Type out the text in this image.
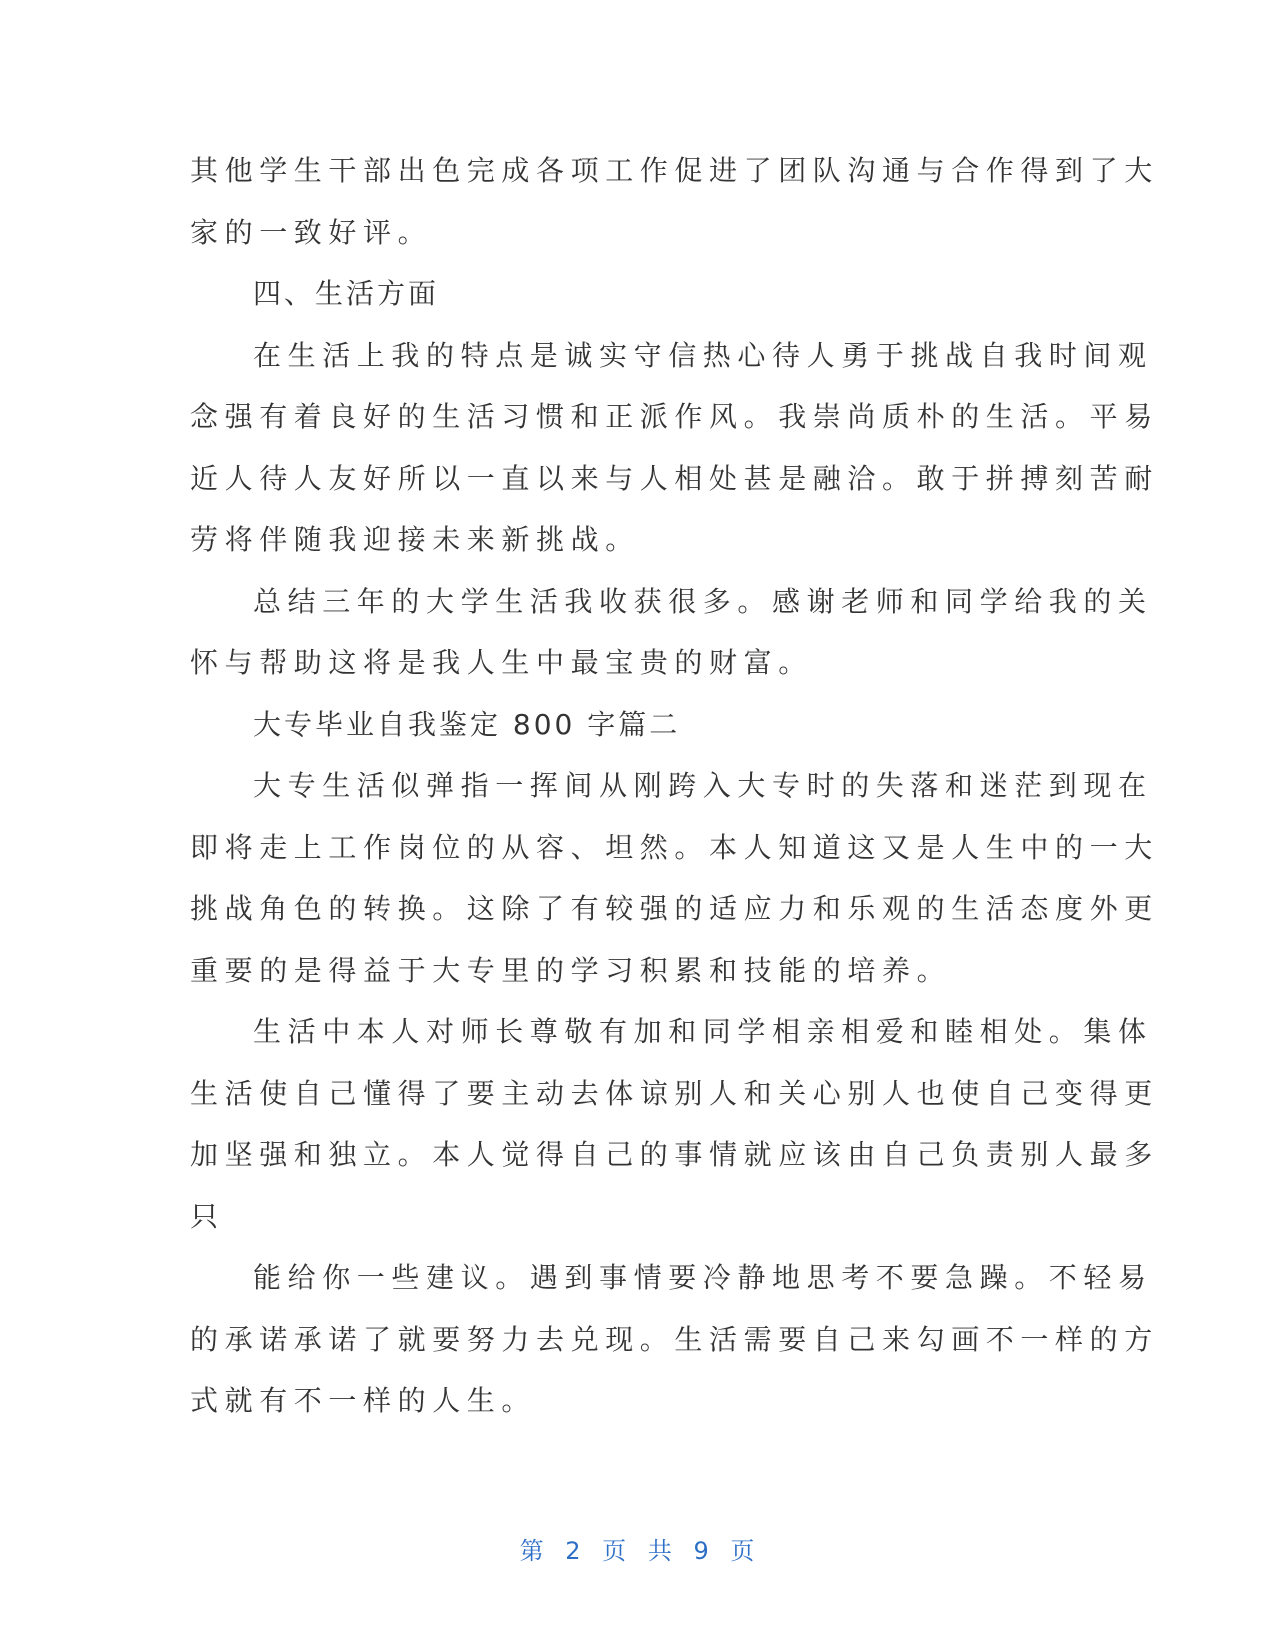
其他学生干部出色完成各项工作促进了团队沟通与合作得到了大
家的一致好评。
四、生活方面
在生活上我的特点是诚实守信热心待人勇于挑战自我时间观
念强有着良好的生活习惯和正派作风。我崇尚质朴的生活。平易
近人待人友好所以一直以来与人相处甚是融洽。敢于拼搏刻苦耐
劳将伴随我迎接未来新挑战。
总结三年的大学生活我收获很多。感谢老师和同学给我的关
怀与帮助这将是我人生中最宝贵的财富。
大专毕业自我鉴定 800 字篇二
大专生活似弹指一挥间从刚跨入大专时的失落和迷茫到现在
即将走上工作岗位的从容、坦然。本人知道这又是人生中的一大
挑战角色的转换。这除了有较强的适应力和乐观的生活态度外更
重要的是得益于大专里的学习积累和技能的培养。
生活中本人对师长尊敬有加和同学相亲相爱和睦相处。集体
生活使自己懂得了要主动去体谅别人和关心别人也使自己变得更
加坚强和独立。本人觉得自己的事情就应该由自己负责别人最多
只
能给你一些建议。遇到事情要冷静地思考不要急躁。不轻易
的承诺承诺了就要努力去兑现。生活需要自己来勾画不一样的方
式就有不一样的人生。
第 2 页 共 9 页
